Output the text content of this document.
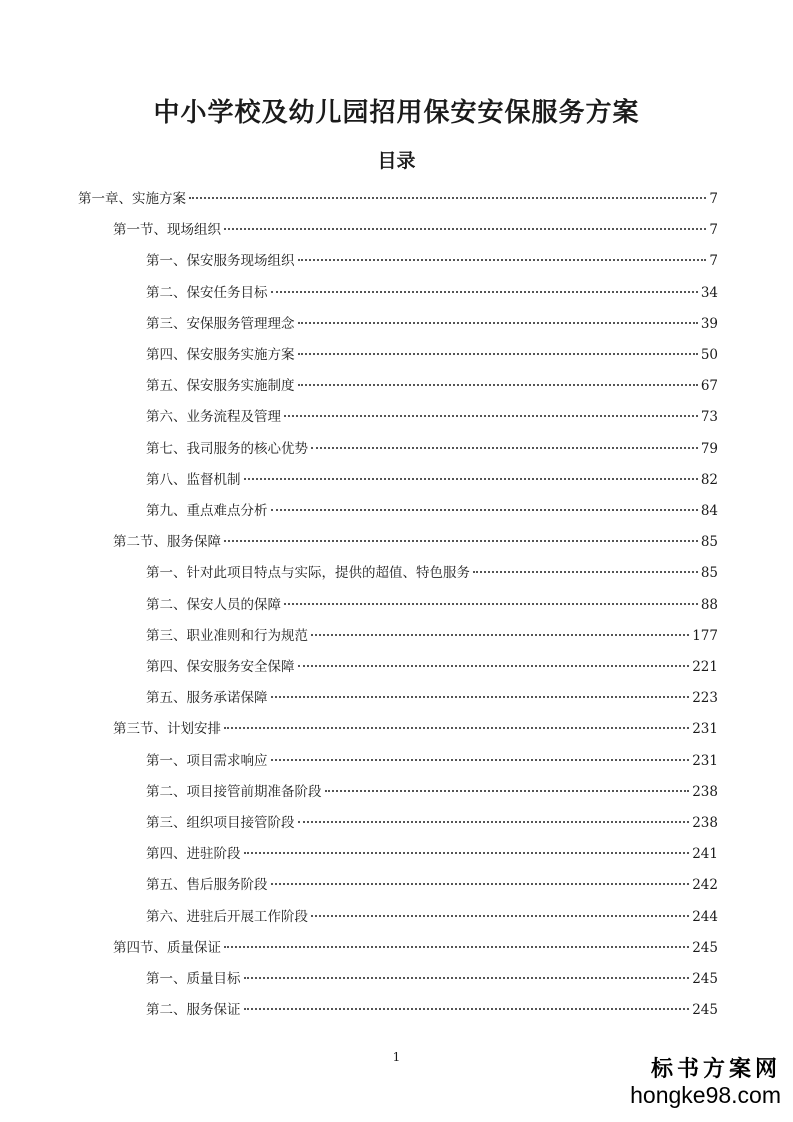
中小学校及幼儿园招用保安安保服务方案
目录
第一章、实施方案	7
第一节、现场组织	7
第一、保安服务现场组织	7
第二、保安任务目标	34
第三、安保服务管理理念	39
第四、保安服务实施方案	50
第五、保安服务实施制度	67
第六、业务流程及管理	73
第七、我司服务的核心优势	79
第八、监督机制	82
第九、重点难点分析	84
第二节、服务保障	85
第一、针对此项目特点与实际，提供的超值、特色服务	85
第二、保安人员的保障	88
第三、职业准则和行为规范	177
第四、保安服务安全保障	221
第五、服务承诺保障	223
第三节、计划安排	231
第一、项目需求响应	231
第二、项目接管前期准备阶段	238
第三、组织项目接管阶段	238
第四、进驻阶段	241
第五、售后服务阶段	242
第六、进驻后开展工作阶段	244
第四节、质量保证	245
第一、质量目标	245
第二、服务保证	245
1	标书方案网
hongke98.com
